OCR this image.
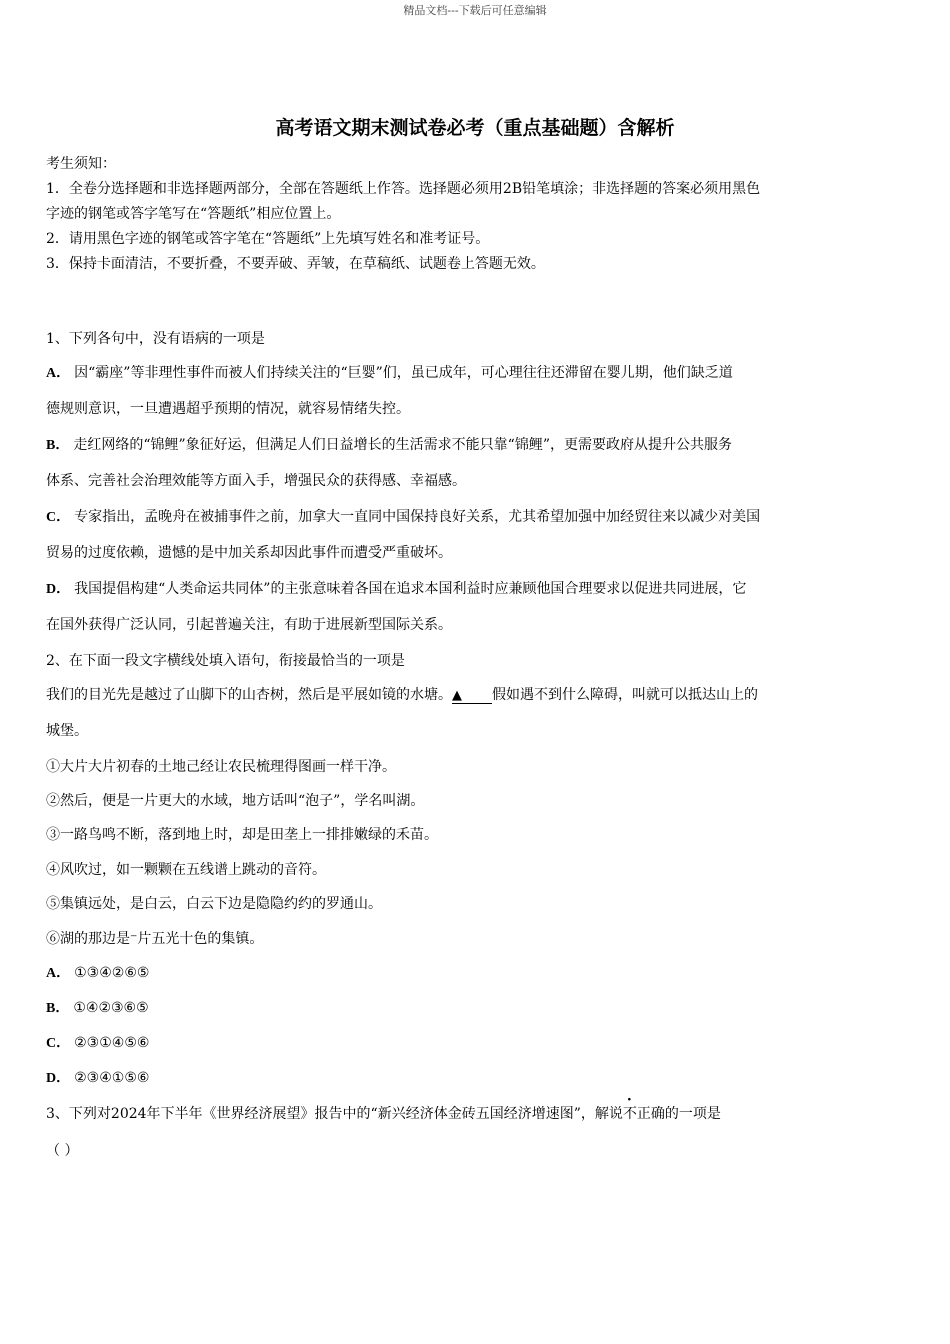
精品文档---下载后可任意编辑
高考语文期末测试卷必考（重点基础题）含解析
考生须知：
1．全卷分选择题和非选择题两部分，全部在答题纸上作答。选择题必须用2B铅笔填涂；非选择题的答案必须用黑色
字迹的钢笔或答字笔写在“答题纸”相应位置上。
2．请用黑色字迹的钢笔或答字笔在“答题纸”上先填写姓名和准考证号。
3．保持卡面清洁，不要折叠，不要弄破、弄皱，在草稿纸、试题卷上答题无效。
1、下列各句中，没有语病的一项是
A． 因“霸座”等非理性事件而被人们持续关注的“巨婴”们，虽已成年，可心理往往还滞留在婴儿期，他们缺乏道
德规则意识，一旦遭遇超乎预期的情况，就容易情绪失控。
B． 走红网络的“锦鲤”象征好运，但满足人们日益增长的生活需求不能只靠“锦鲤”，更需要政府从提升公共服务
体系、完善社会治理效能等方面入手，增强民众的获得感、幸福感。
C． 专家指出，孟晚舟在被捕事件之前，加拿大一直同中国保持良好关系，尤其希望加强中加经贸往来以减少对美国
贸易的过度依赖，遗憾的是中加关系却因此事件而遭受严重破坏。
D． 我国提倡构建“人类命运共同体”的主张意味着各国在追求本国利益时应兼顾他国合理要求以促进共同进展，它
在国外获得广泛认同，引起普遍关注，有助于进展新型国际关系。
2、在下面一段文字横线处填入语句，衔接最恰当的一项是
我们的目光先是越过了山脚下的山杏树，然后是平展如镜的水塘。▲ 假如遇不到什么障碍，叫就可以抵达山上的
城堡。
①大片大片初春的土地己经让农民梳理得图画一样干净。
②然后，便是一片更大的水域，地方话叫“泡子”，学名叫湖。
③一路鸟鸣不断，落到地上时，却是田垄上一排排嫩绿的禾苗。
④风吹过，如一颗颗在五线谱上跳动的音符。
⑤集镇远处，是白云，白云下边是隐隐约约的罗通山。
⑥湖的那边是⁻片五光十色的集镇。
A． ①③④②⑥⑤
B． ①④②③⑥⑤
C． ②③①④⑤⑥
D． ②③④①⑤⑥
3、下列对2024年下半年《世界经济展望》报告中的“新兴经济体金砖五国经济增速图”，解说不正确的一项是
（ ）
